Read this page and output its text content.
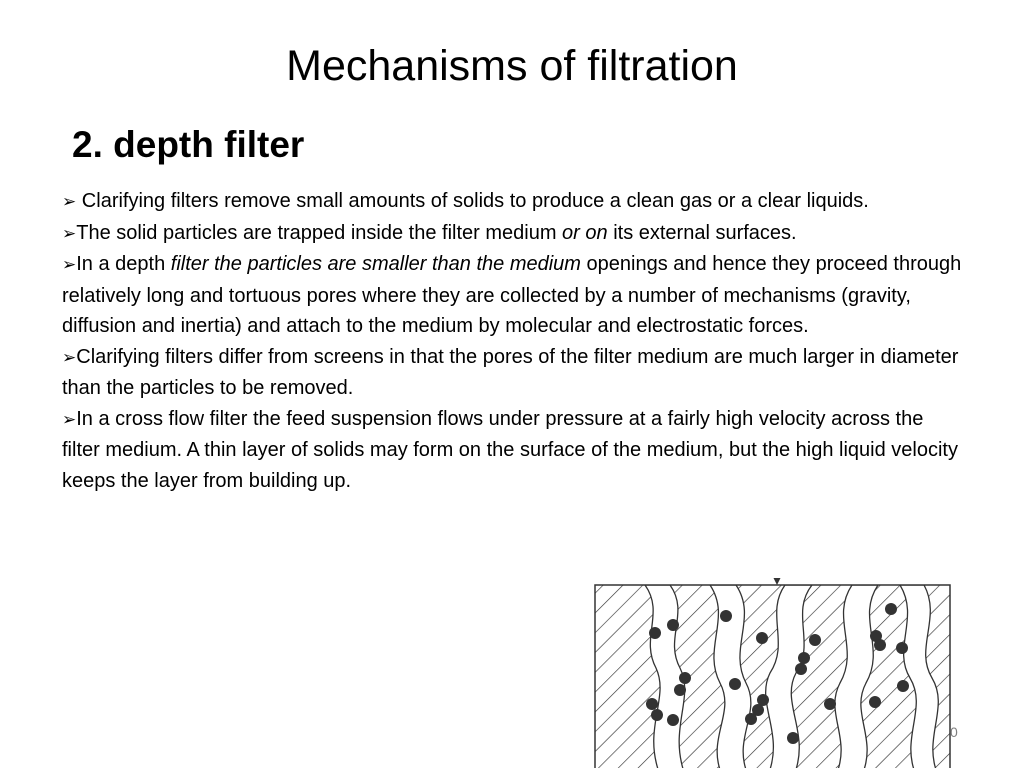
Mechanisms of filtration
2. depth filter
➢ Clarifying filters remove small amounts of solids to produce a clean gas or a clear liquids.
➢The solid particles are trapped inside the filter medium or on its external surfaces.
➢In a depth filter the particles are smaller than the medium openings and hence they proceed through relatively long and tortuous pores where they are collected by a number of mechanisms (gravity, diffusion and inertia) and attach to the medium by molecular and electrostatic forces.
➢Clarifying filters differ from screens in that the pores of the filter medium are much larger in diameter than the particles to be removed.
➢In a cross flow filter the feed suspension flows under pressure at a fairly high velocity across the filter medium. A thin layer of solids may form on the surface of the medium, but the high liquid velocity keeps the layer from building up.
0
